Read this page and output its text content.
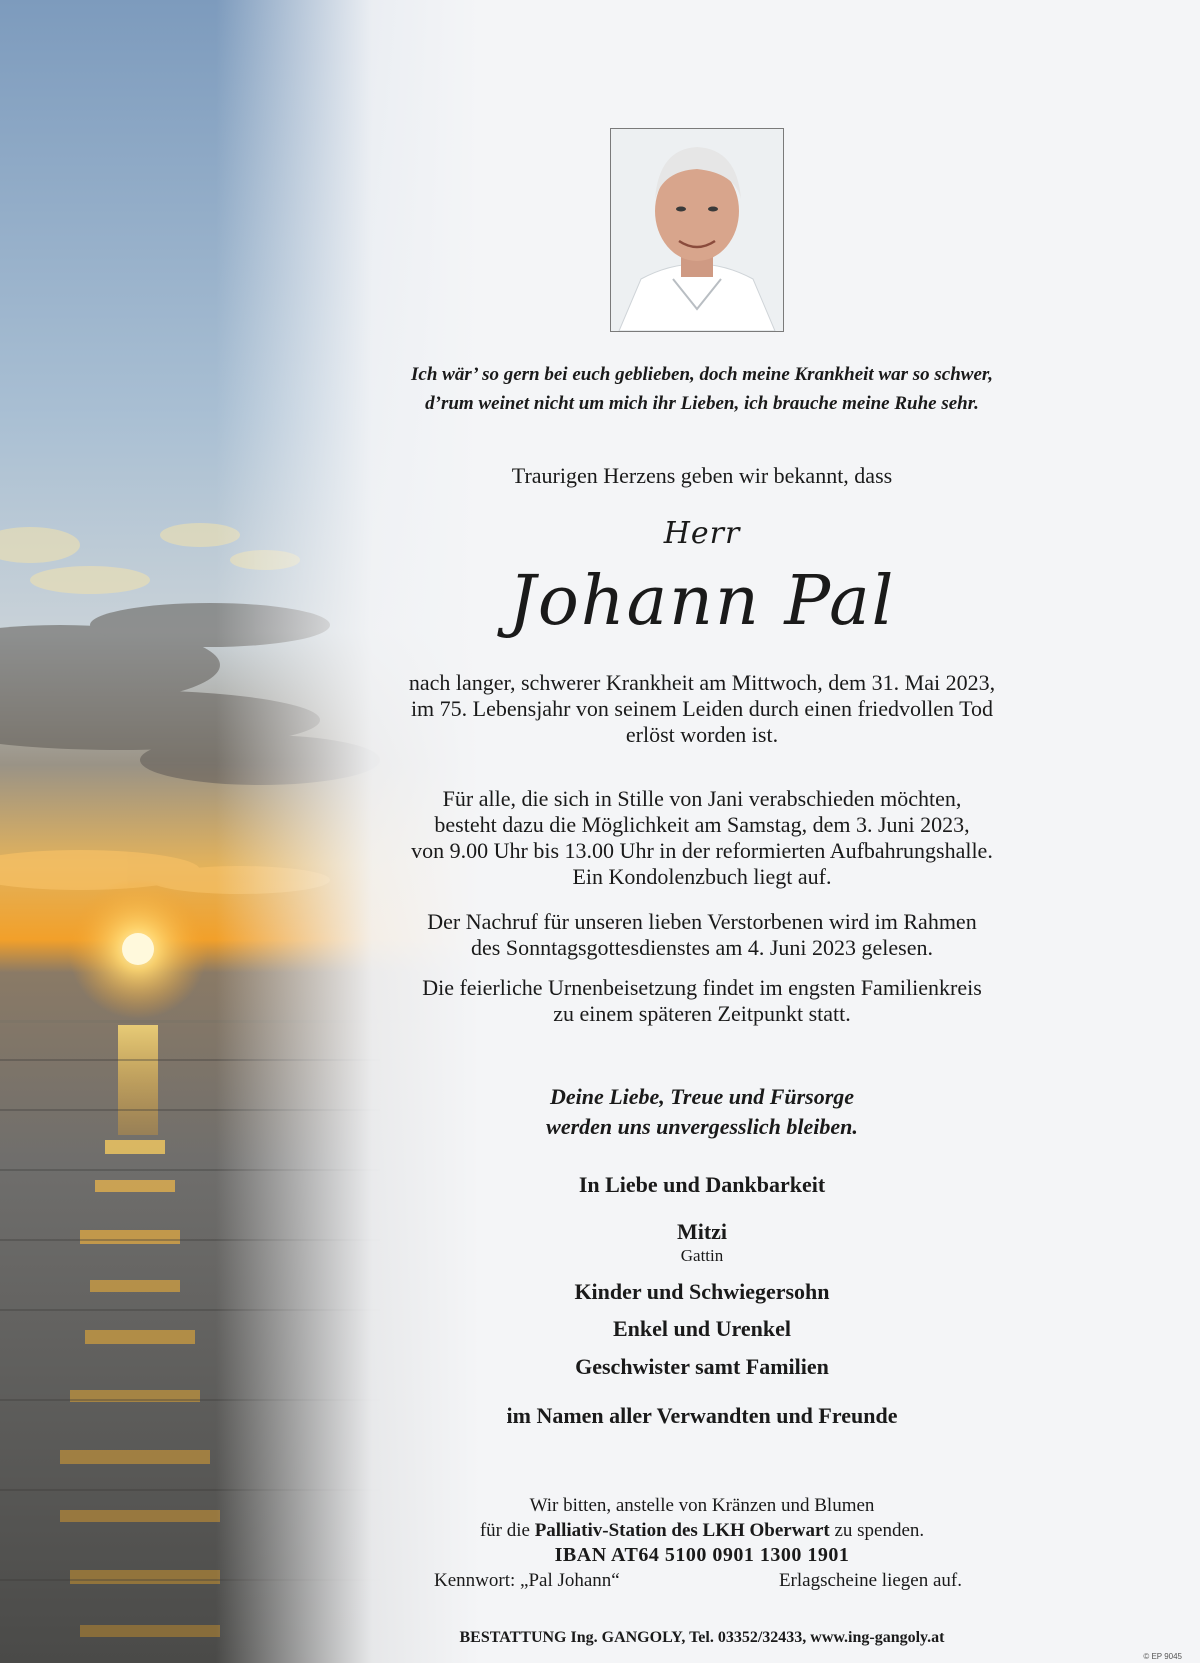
Ich wär’ so gern bei euch geblieben, doch meine Krankheit war so schwer,
d’rum weinet nicht um mich ihr Lieben, ich brauche meine Ruhe sehr.
Traurigen Herzens geben wir bekannt, dass
Herr
Johann Pal
nach langer, schwerer Krankheit am Mittwoch, dem 31. Mai 2023,
im 75. Lebensjahr von seinem Leiden durch einen friedvollen Tod
erlöst worden ist.
Für alle, die sich in Stille von Jani verabschieden möchten,
besteht dazu die Möglichkeit am Samstag, dem 3. Juni 2023,
von 9.00 Uhr bis 13.00 Uhr in der reformierten Aufbahrungshalle.
Ein Kondolenzbuch liegt auf.
Der Nachruf für unseren lieben Verstorbenen wird im Rahmen
des Sonntagsgottesdienstes am 4. Juni 2023 gelesen.
Die feierliche Urnenbeisetzung findet im engsten Familienkreis
zu einem späteren Zeitpunkt statt.
Deine Liebe, Treue und Fürsorge
werden uns unvergesslich bleiben.
In Liebe und Dankbarkeit
Mitzi
Gattin
Kinder und Schwiegersohn
Enkel und Urenkel
Geschwister samt Familien
im Namen aller Verwandten und Freunde
Wir bitten, anstelle von Kränzen und Blumen
für die Palliativ-Station des LKH Oberwart zu spenden.
IBAN AT64 5100 0901 1300 1901

Kennwort: „Pal Johann“	Erlagscheine liegen auf.
BESTATTUNG Ing. GANGOLY, Tel. 03352/32433, www.ing-gangoly.at
© EP 9045
